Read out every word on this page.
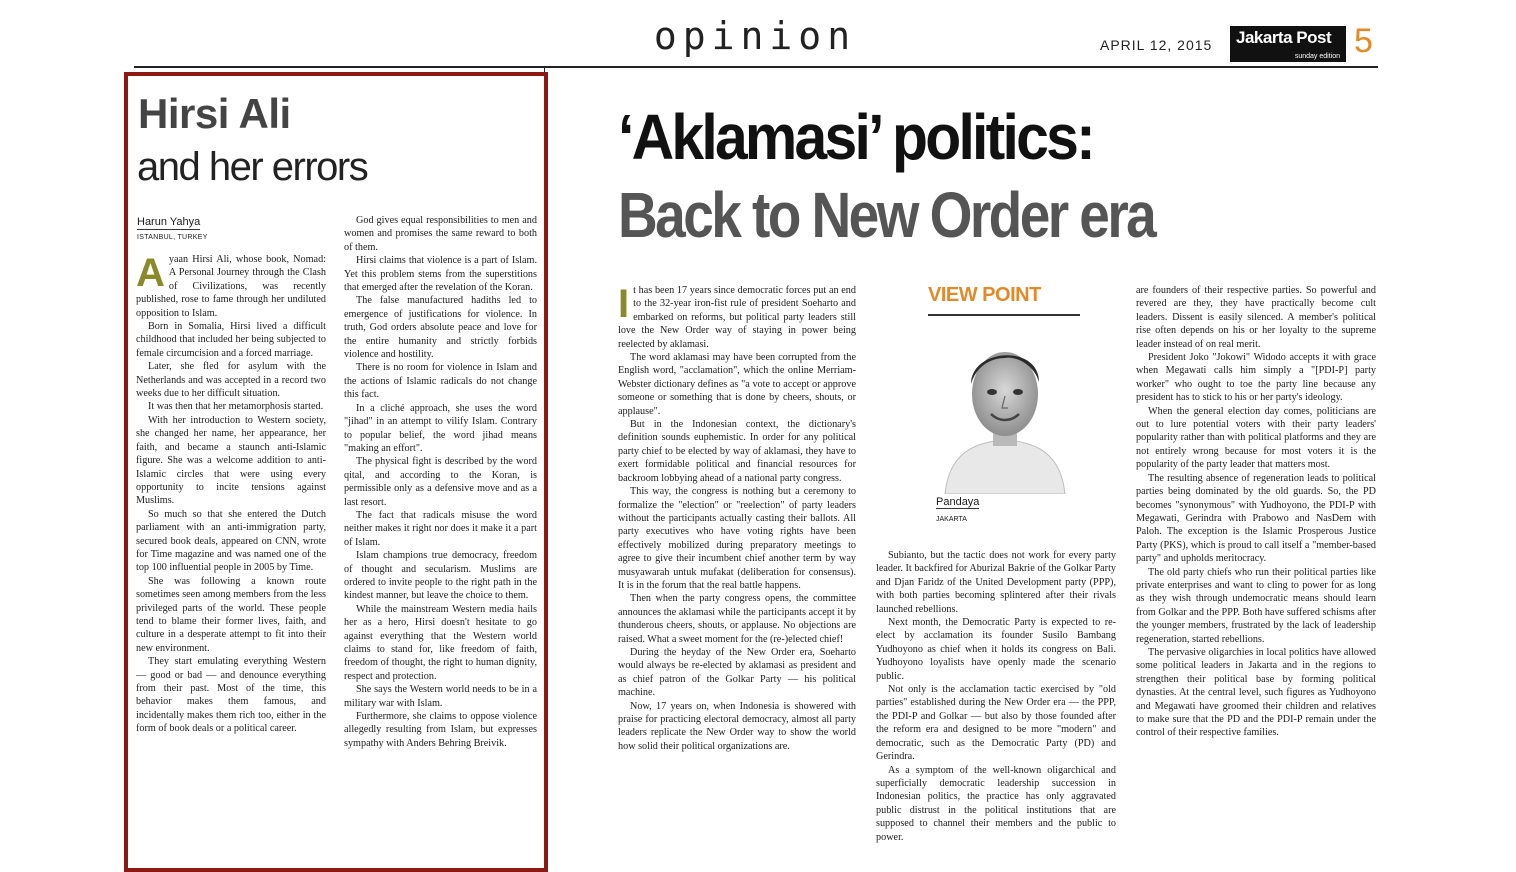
opinion	APRIL 12, 2015 Jakarta Post
sunday edition 5
Hirsi Ali
and her errors
Harun Yahya
ISTANBUL, TURKEY
A yaan Hirsi Ali, whose book, Nomad: A Personal Journey through the Clash of Civilizations, was recently published, rose to fame through her undiluted opposition to Islam.

Born in Somalia, Hirsi lived a difficult childhood that included her being subjected to female circumcision and a forced marriage.

Later, she fled for asylum with the Netherlands and was accepted in a record two weeks due to her difficult situation.

It was then that her metamorphosis started.

With her introduction to Western society, she changed her name, her appearance, her faith, and became a staunch anti-Islamic figure. She was a welcome addition to anti-Islamic circles that were using every opportunity to incite tensions against Muslims.

So much so that she entered the Dutch parliament with an anti-immigration party, secured book deals, appeared on CNN, wrote for Time magazine and was named one of the top 100 influential people in 2005 by Time.

She was following a known route sometimes seen among members from the less privileged parts of the world. These people tend to blame their former lives, faith, and culture in a desperate attempt to fit into their new environment.

They start emulating everything Western — good or bad — and denounce everything from their past. Most of the time, this behavior makes them famous, and incidentally makes them rich too, either in the form of book deals or a political career.

God gives equal responsibilities to men and women and promises the same reward to both of them.

Hirsi claims that violence is a part of Islam. Yet this problem stems from the superstitions that emerged after the revelation of the Koran.

The false manufactured hadiths led to emergence of justifications for violence. In truth, God orders absolute peace and love for the entire humanity and strictly forbids violence and hostility.

There is no room for violence in Islam and the actions of Islamic radicals do not change this fact.

In a cliché approach, she uses the word "jihad" in an attempt to vilify Islam. Contrary to popular belief, the word jihad means "making an effort".

The physical fight is described by the word qital, and according to the Koran, is permissible only as a defensive move and as a last resort.

The fact that radicals misuse the word neither makes it right nor does it make it a part of Islam.

Islam champions true democracy, freedom of thought and secularism. Muslims are ordered to invite people to the right path in the kindest manner, but leave the choice to them.

While the mainstream Western media hails her as a hero, Hirsi doesn't hesitate to go against everything that the Western world claims to stand for, like freedom of faith, freedom of thought, the right to human dignity, respect and protection.

She says the Western world needs to be in a military war with Islam.

Furthermore, she claims to oppose violence allegedly resulting from Islam, but expresses sympathy with Anders Behring Breivik.

‘Aklamasi’ politics:
Back to New Order era
I t has been 17 years since democratic forces put an end to the 32-year iron-fist rule of president Soeharto and embarked on reforms, but political party leaders still love the New Order way of staying in power being reelected by aklamasi.

The word aklamasi may have been corrupted from the English word, "acclamation", which the online Merriam-Webster dictionary defines as "a vote to accept or approve someone or something that is done by cheers, shouts, or applause".

But in the Indonesian context, the dictionary's definition sounds euphemistic. In order for any political party chief to be elected by way of aklamasi, they have to exert formidable political and financial resources for backroom lobbying ahead of a national party congress.

This way, the congress is nothing but a ceremony to formalize the "election" or "reelection" of party leaders without the participants actually casting their ballots. All party executives who have voting rights have been effectively mobilized during preparatory meetings to agree to give their incumbent chief another term by way musyawarah untuk mufakat (deliberation for consensus). It is in the forum that the real battle happens.

Then when the party congress opens, the committee announces the aklamasi while the participants accept it by thunderous cheers, shouts, or applause. No objections are raised. What a sweet moment for the (re-)elected chief!

During the heyday of the New Order era, Soeharto would always be re-elected by aklamasi as president and as chief patron of the Golkar Party — his political machine.

Now, 17 years on, when Indonesia is showered with praise for practicing electoral democracy, almost all party leaders replicate the New Order way to show the world how solid their political organizations are.

VIEW POINT
Pandaya
JAKARTA

Subianto, but the tactic does not work for every party leader. It backfired for Aburizal Bakrie of the Golkar Party and Djan Faridz of the United Development party (PPP), with both parties becoming splintered after their rivals launched rebellions.

Next month, the Democratic Party is expected to re-elect by acclamation its founder Susilo Bambang Yudhoyono as chief when it holds its congress on Bali. Yudhoyono loyalists have openly made the scenario public.

Not only is the acclamation tactic exercised by "old parties" established during the New Order era — the PPP, the PDI-P and Golkar — but also by those founded after the reform era and designed to be more "modern" and democratic, such as the Democratic Party (PD) and Gerindra.

As a symptom of the well-known oligarchical and superficially democratic leadership succession in Indonesian politics, the practice has only aggravated public distrust in the political institutions that are supposed to channel their members and the public to power.

are founders of their respective parties. So powerful and revered are they, they have practically become cult leaders. Dissent is easily silenced. A member's political rise often depends on his or her loyalty to the supreme leader instead of on real merit.

President Joko "Jokowi" Widodo accepts it with grace when Megawati calls him simply a "[PDI-P] party worker" who ought to toe the party line because any president has to stick to his or her party's ideology.

When the general election day comes, politicians are out to lure potential voters with their party leaders' popularity rather than with political platforms and they are not entirely wrong because for most voters it is the popularity of the party leader that matters most.

The resulting absence of regeneration leads to political parties being dominated by the old guards. So, the PD becomes "synonymous" with Yudhoyono, the PDI-P with Megawati, Gerindra with Prabowo and NasDem with Paloh. The exception is the Islamic Prosperous Justice Party (PKS), which is proud to call itself a "member-based party" and upholds meritocracy.

The old party chiefs who run their political parties like private enterprises and want to cling to power for as long as they wish through undemocratic means should learn from Golkar and the PPP. Both have suffered schisms after the younger members, frustrated by the lack of leadership regeneration, started rebellions.

The pervasive oligarchies in local politics have allowed some political leaders in Jakarta and in the regions to strengthen their political base by forming political dynasties. At the central level, such figures as Yudhoyono and Megawati have groomed their children and relatives to make sure that the PD and the PDI-P remain under the control of their respective families.
